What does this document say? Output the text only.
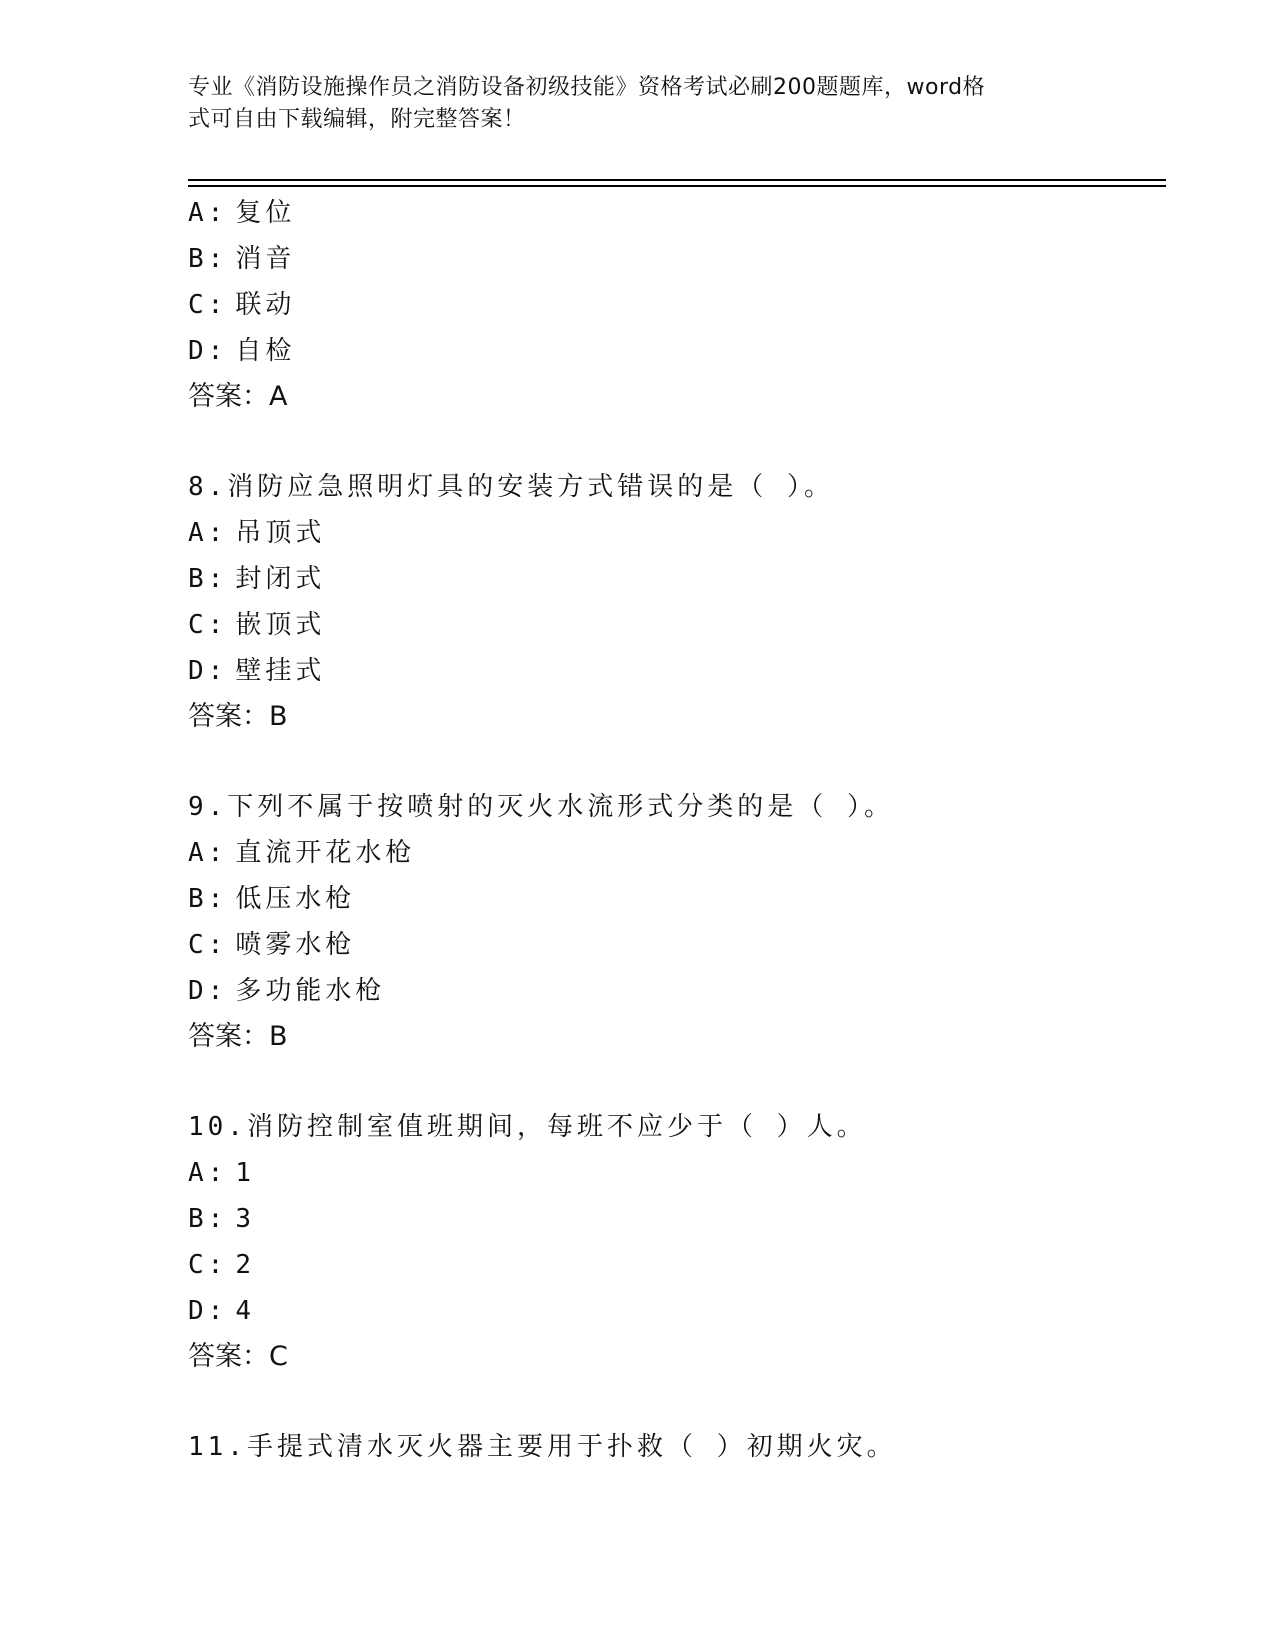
专业《消防设施操作员之消防设备初级技能》资格考试必刷200题题库，word格
式可自由下载编辑，附完整答案！
A: 复位
B: 消音
C: 联动
D: 自检
答案：A
8.消防应急照明灯具的安装方式错误的是（ ）。
A: 吊顶式
B: 封闭式
C: 嵌顶式
D: 壁挂式
答案：B
9.下列不属于按喷射的灭火水流形式分类的是（ ）。
A: 直流开花水枪
B: 低压水枪
C: 喷雾水枪
D: 多功能水枪
答案：B
10.消防控制室值班期间，每班不应少于（ ）人。
A: 1
B: 3
C: 2
D: 4
答案：C
11.手提式清水灭火器主要用于扑救（ ）初期火灾。
